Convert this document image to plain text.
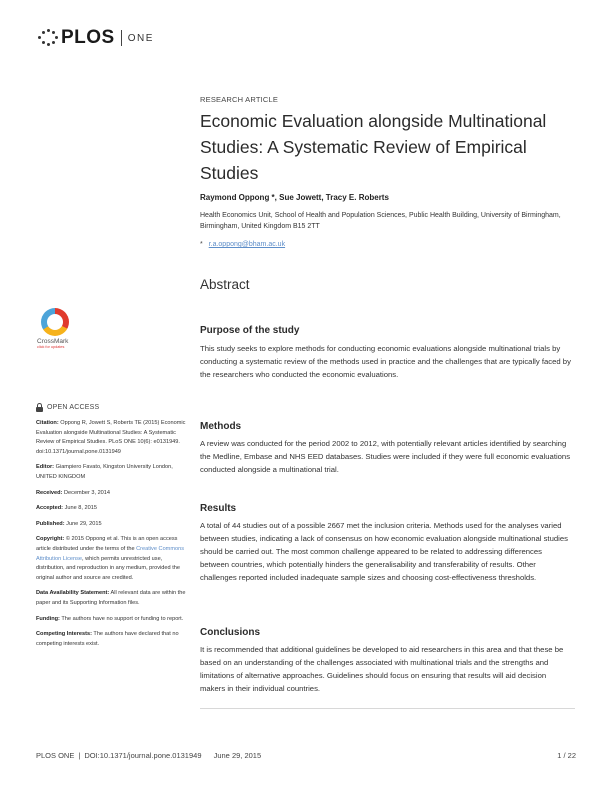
PLOS ONE
RESEARCH ARTICLE
Economic Evaluation alongside Multinational Studies: A Systematic Review of Empirical Studies
Raymond Oppong *, Sue Jowett, Tracy E. Roberts
Health Economics Unit, School of Health and Population Sciences, Public Health Building, University of Birmingham, Birmingham, United Kingdom B15 2TT
* r.a.oppong@bham.ac.uk
Abstract
Purpose of the study

This study seeks to explore methods for conducting economic evaluations alongside multinational trials by conducting a systematic review of the methods used in practice and the challenges that are typically faced by the researchers who conducted the economic evaluations.

Methods

A review was conducted for the period 2002 to 2012, with potentially relevant articles identified by searching the Medline, Embase and NHS EED databases. Studies were included if they were full economic evaluations conducted alongside a multinational trial.

Results

A total of 44 studies out of a possible 2667 met the inclusion criteria. Methods used for the analyses varied between studies, indicating a lack of consensus on how economic evaluation alongside multinational studies should be carried out. The most common challenge appeared to be related to addressing differences between countries, which potentially hinders the generalisability and transferability of results. Other challenges reported included inadequate sample sizes and choosing cost-effectiveness thresholds.

Conclusions

It is recommended that additional guidelines be developed to aid researchers in this area and that these be based on an understanding of the challenges associated with multinational trials and the strengths and limitations of alternative approaches. Guidelines should focus on ensuring that results will aid decision makers in their individual countries.

CrossMark
click for updates
OPEN ACCESS
Citation: Oppong R, Jowett S, Roberts TE (2015) Economic Evaluation alongside Multinational Studies: A Systematic Review of Empirical Studies. PLoS ONE 10(6): e0131949. doi:10.1371/journal.pone.0131949
Editor: Giampiero Favato, Kingston University London, UNITED KINGDOM
Received: December 3, 2014
Accepted: June 8, 2015
Published: June 29, 2015
Copyright: © 2015 Oppong et al. This is an open access article distributed under the terms of the Creative Commons Attribution License, which permits unrestricted use, distribution, and reproduction in any medium, provided the original author and source are credited.
Data Availability Statement: All relevant data are within the paper and its Supporting Information files.
Funding: The authors have no support or funding to report.
Competing Interests: The authors have declared that no competing interests exist.
PLOS ONE | DOI:10.1371/journal.pone.0131949 June 29, 2015	1 / 22
